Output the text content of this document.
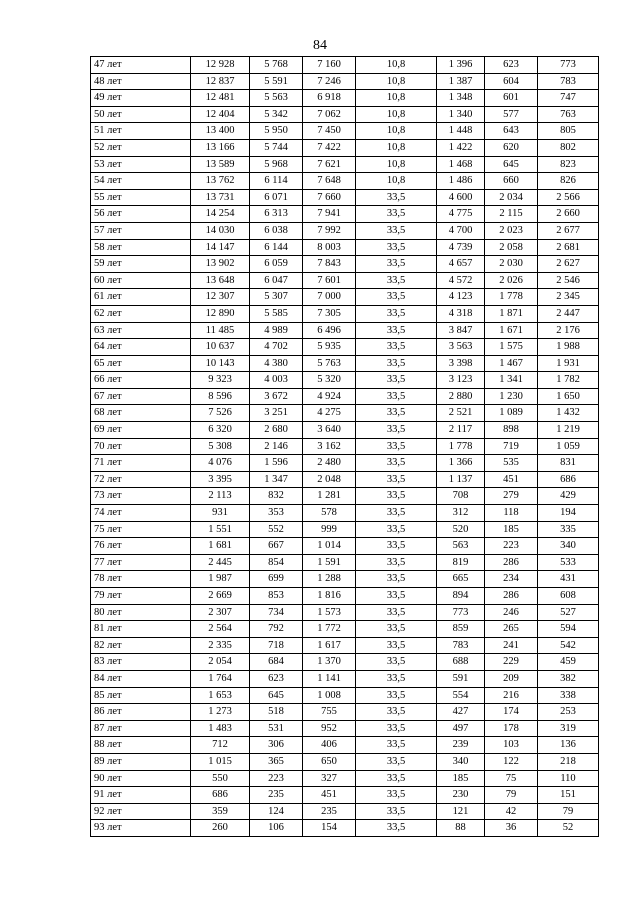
84
47 лет	12 928	5 768	7 160	10,8	1 396	623	773
48 лет	12 837	5 591	7 246	10,8	1 387	604	783
49 лет	12 481	5 563	6 918	10,8	1 348	601	747
50 лет	12 404	5 342	7 062	10,8	1 340	577	763
51 лет	13 400	5 950	7 450	10,8	1 448	643	805
52 лет	13 166	5 744	7 422	10,8	1 422	620	802
53 лет	13 589	5 968	7 621	10,8	1 468	645	823
54 лет	13 762	6 114	7 648	10,8	1 486	660	826
55 лет	13 731	6 071	7 660	33,5	4 600	2 034	2 566
56 лет	14 254	6 313	7 941	33,5	4 775	2 115	2 660
57 лет	14 030	6 038	7 992	33,5	4 700	2 023	2 677
58 лет	14 147	6 144	8 003	33,5	4 739	2 058	2 681
59 лет	13 902	6 059	7 843	33,5	4 657	2 030	2 627
60 лет	13 648	6 047	7 601	33,5	4 572	2 026	2 546
61 лет	12 307	5 307	7 000	33,5	4 123	1 778	2 345
62 лет	12 890	5 585	7 305	33,5	4 318	1 871	2 447
63 лет	11 485	4 989	6 496	33,5	3 847	1 671	2 176
64 лет	10 637	4 702	5 935	33,5	3 563	1 575	1 988
65 лет	10 143	4 380	5 763	33,5	3 398	1 467	1 931
66 лет	9 323	4 003	5 320	33,5	3 123	1 341	1 782
67 лет	8 596	3 672	4 924	33,5	2 880	1 230	1 650
68 лет	7 526	3 251	4 275	33,5	2 521	1 089	1 432
69 лет	6 320	2 680	3 640	33,5	2 117	898	1 219
70 лет	5 308	2 146	3 162	33,5	1 778	719	1 059
71 лет	4 076	1 596	2 480	33,5	1 366	535	831
72 лет	3 395	1 347	2 048	33,5	1 137	451	686
73 лет	2 113	832	1 281	33,5	708	279	429
74 лет	931	353	578	33,5	312	118	194
75 лет	1 551	552	999	33,5	520	185	335
76 лет	1 681	667	1 014	33,5	563	223	340
77 лет	2 445	854	1 591	33,5	819	286	533
78 лет	1 987	699	1 288	33,5	665	234	431
79 лет	2 669	853	1 816	33,5	894	286	608
80 лет	2 307	734	1 573	33,5	773	246	527
81 лет	2 564	792	1 772	33,5	859	265	594
82 лет	2 335	718	1 617	33,5	783	241	542
83 лет	2 054	684	1 370	33,5	688	229	459
84 лет	1 764	623	1 141	33,5	591	209	382
85 лет	1 653	645	1 008	33,5	554	216	338
86 лет	1 273	518	755	33,5	427	174	253
87 лет	1 483	531	952	33,5	497	178	319
88 лет	712	306	406	33,5	239	103	136
89 лет	1 015	365	650	33,5	340	122	218
90 лет	550	223	327	33,5	185	75	110
91 лет	686	235	451	33,5	230	79	151
92 лет	359	124	235	33,5	121	42	79
93 лет	260	106	154	33,5	88	36	52
